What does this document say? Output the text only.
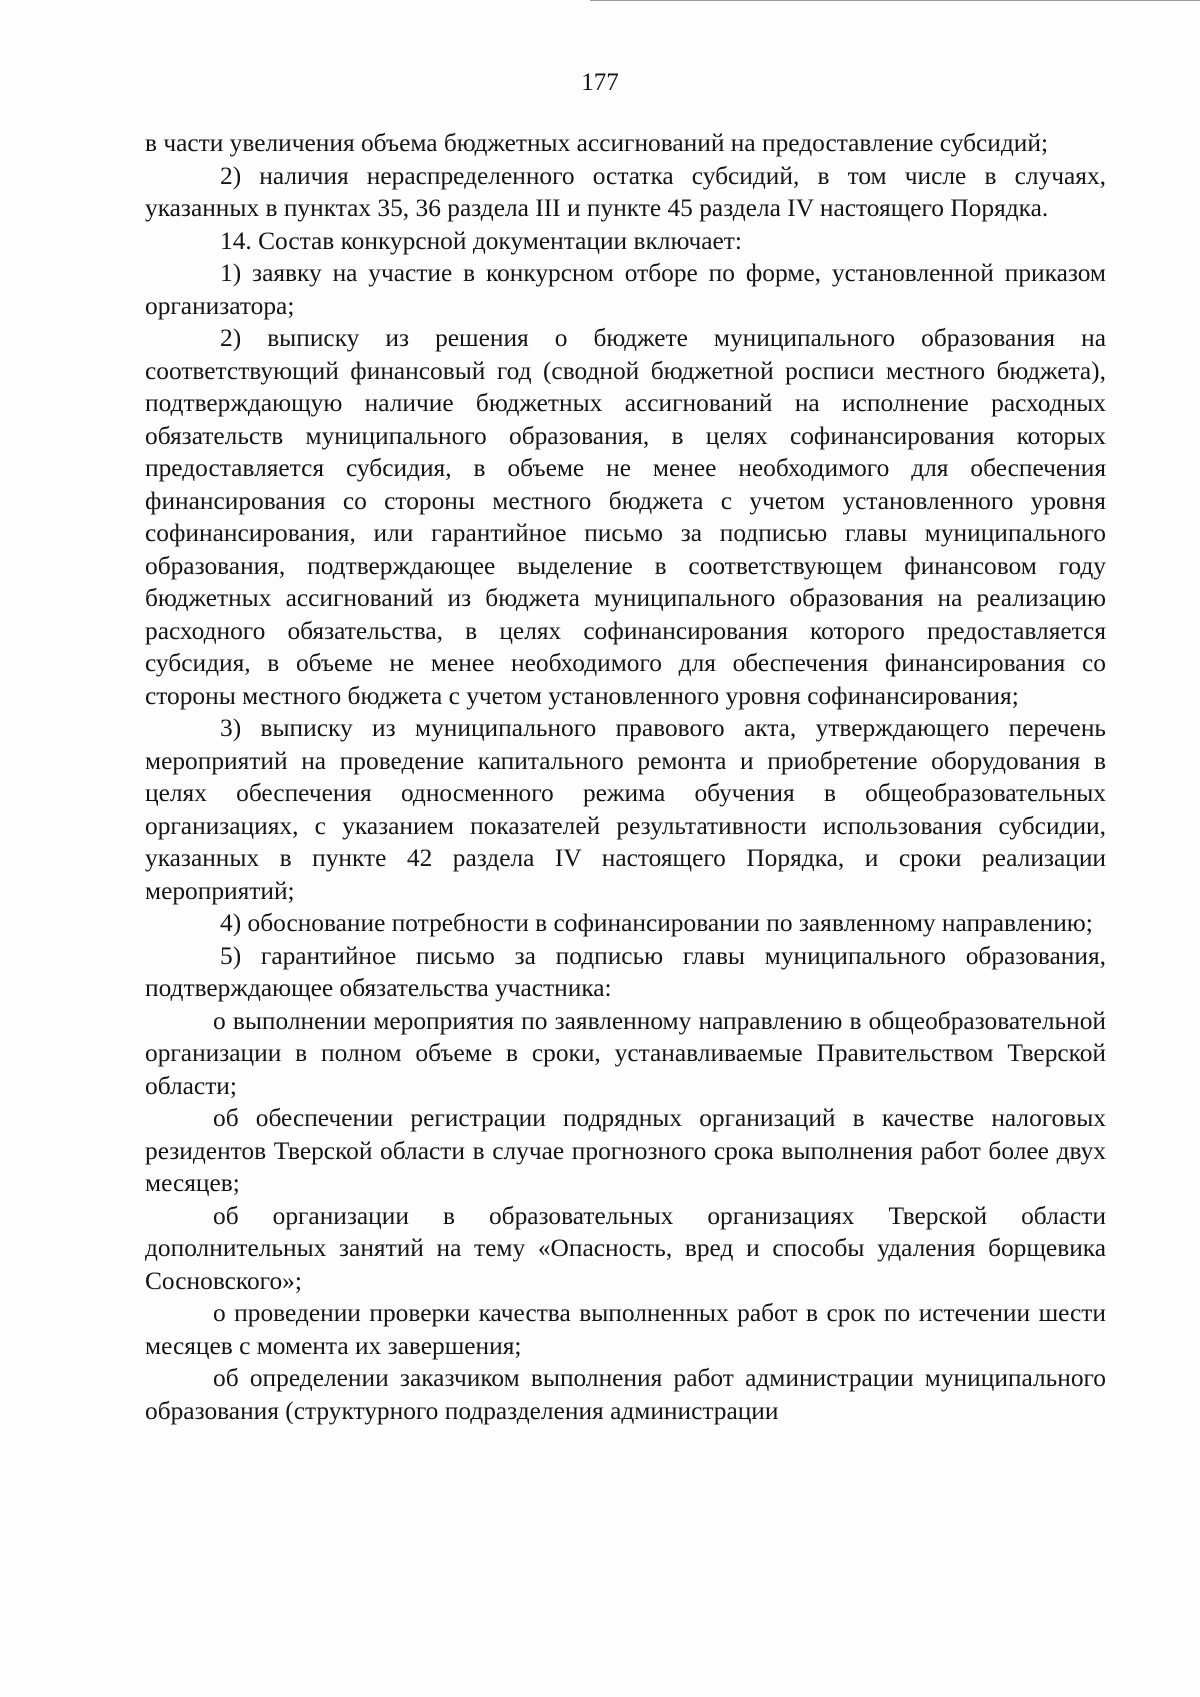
177

в части увеличения объема бюджетных ассигнований на предоставление субсидий;

2) наличия нераспределенного остатка субсидий, в том числе в случаях, указанных в пунктах 35, 36 раздела III и пункте 45 раздела IV настоящего Порядка.

14. Состав конкурсной документации включает:

1) заявку на участие в конкурсном отборе по форме, установленной приказом организатора;

2) выписку из решения о бюджете муниципального образования на соответствующий финансовый год (сводной бюджетной росписи местного бюджета), подтверждающую наличие бюджетных ассигнований на исполнение расходных обязательств муниципального образования, в целях софинансирования которых предоставляется субсидия, в объеме не менее необходимого для обеспечения финансирования со стороны местного бюджета с учетом установленного уровня софинансирования, или гарантийное письмо за подписью главы муниципального образования, подтверждающее выделение в соответствующем финансовом году бюджетных ассигнований из бюджета муниципального образования на реализацию расходного обязательства, в целях софинансирования которого предоставляется субсидия, в объеме не менее необходимого для обеспечения финансирования со стороны местного бюджета с учетом установленного уровня софинансирования;

3) выписку из муниципального правового акта, утверждающего перечень мероприятий на проведение капитального ремонта и приобретение оборудования в целях обеспечения односменного режима обучения в общеобразовательных организациях, с указанием показателей результативности использования субсидии, указанных в пункте 42 раздела IV настоящего Порядка, и сроки реализации мероприятий;

4) обоснование потребности в софинансировании по заявленному направлению;

5) гарантийное письмо за подписью главы муниципального образования, подтверждающее обязательства участника:

о выполнении мероприятия по заявленному направлению в общеобразовательной организации в полном объеме в сроки, устанавливаемые Правительством Тверской области;

об обеспечении регистрации подрядных организаций в качестве налоговых резидентов Тверской области в случае прогнозного срока выполнения работ более двух месяцев;

об организации в образовательных организациях Тверской области дополнительных занятий на тему «Опасность, вред и способы удаления борщевика Сосновского»;

о проведении проверки качества выполненных работ в срок по истечении шести месяцев с момента их завершения;

об определении заказчиком выполнения работ администрации муниципального образования (структурного подразделения администрации
